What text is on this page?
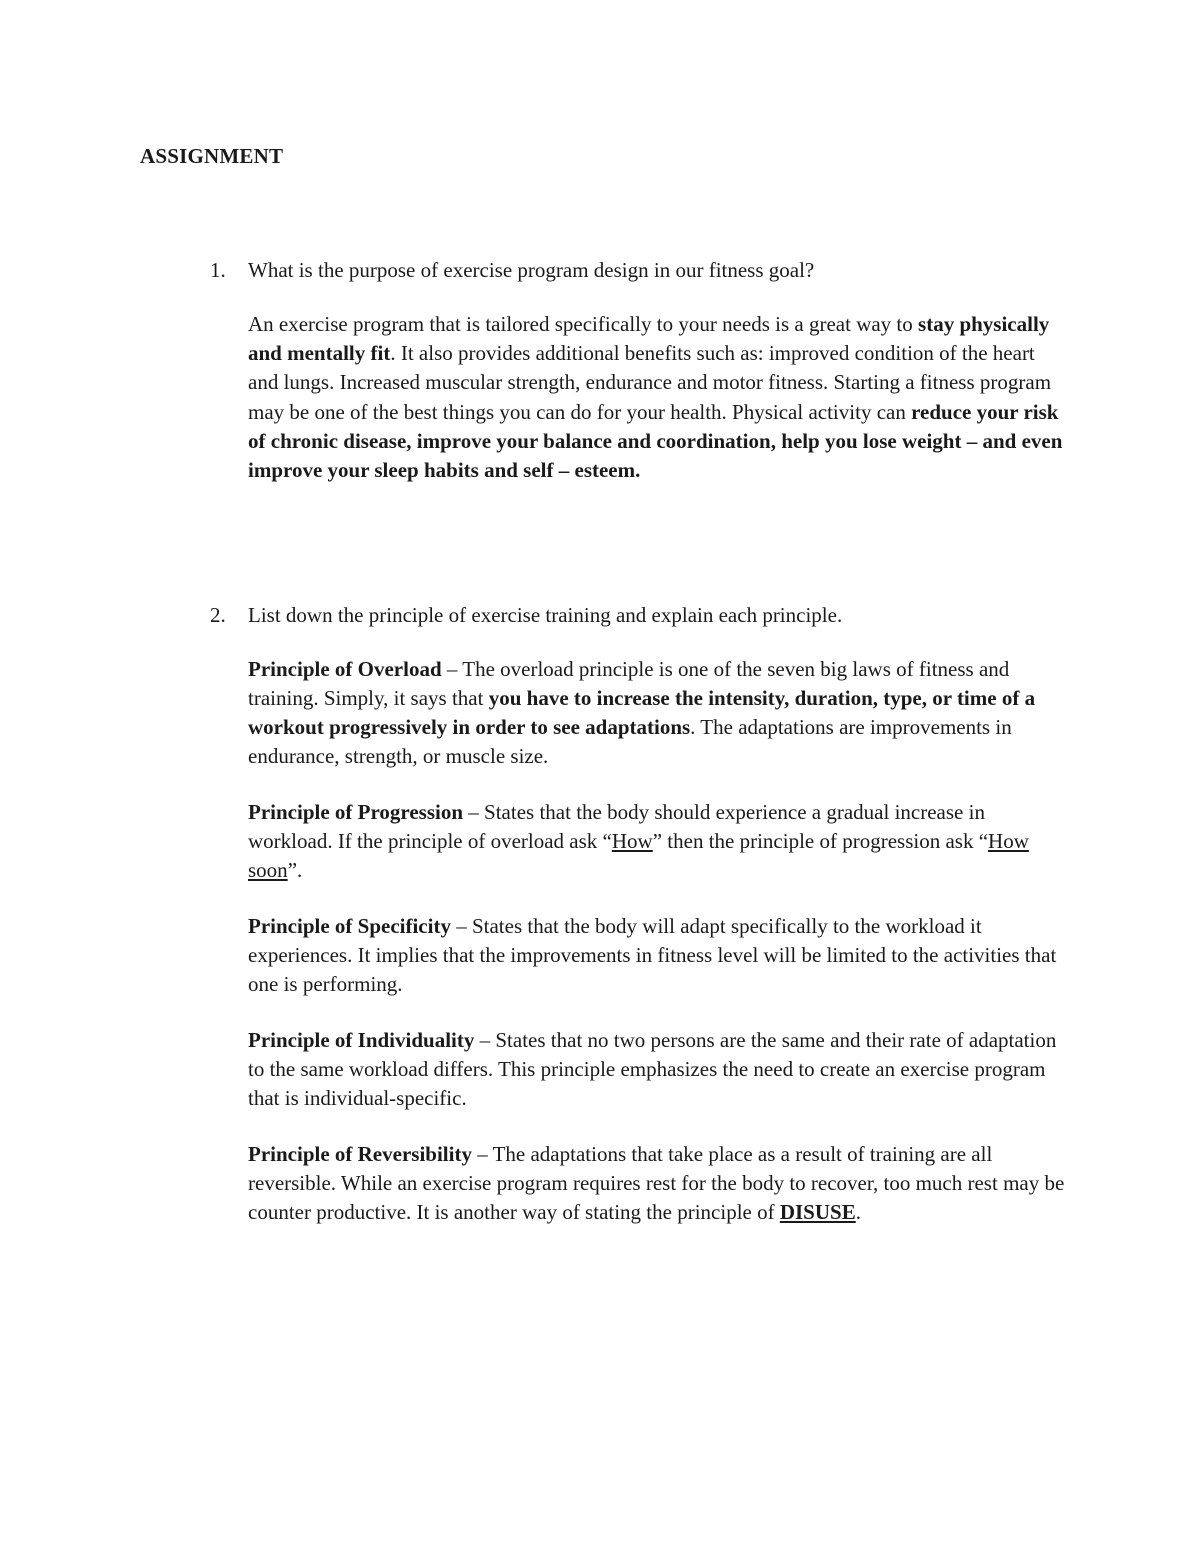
ASSIGNMENT
1.	What is the purpose of exercise program design in our fitness goal?

An exercise program that is tailored specifically to your needs is a great way to stay physically and mentally fit. It also provides additional benefits such as: improved condition of the heart and lungs. Increased muscular strength, endurance and motor fitness. Starting a fitness program may be one of the best things you can do for your health. Physical activity can reduce your risk of chronic disease, improve your balance and coordination, help you lose weight – and even improve your sleep habits and self – esteem.

2.	List down the principle of exercise training and explain each principle.

Principle of Overload – The overload principle is one of the seven big laws of fitness and training. Simply, it says that you have to increase the intensity, duration, type, or time of a workout progressively in order to see adaptations. The adaptations are improvements in endurance, strength, or muscle size.

Principle of Progression – States that the body should experience a gradual increase in workload. If the principle of overload ask “How” then the principle of progression ask “How soon”.

Principle of Specificity – States that the body will adapt specifically to the workload it experiences. It implies that the improvements in fitness level will be limited to the activities that one is performing.

Principle of Individuality – States that no two persons are the same and their rate of adaptation to the same workload differs. This principle emphasizes the need to create an exercise program that is individual-specific.

Principle of Reversibility – The adaptations that take place as a result of training are all reversible. While an exercise program requires rest for the body to recover, too much rest may be counter productive. It is another way of stating the principle of DISUSE.
